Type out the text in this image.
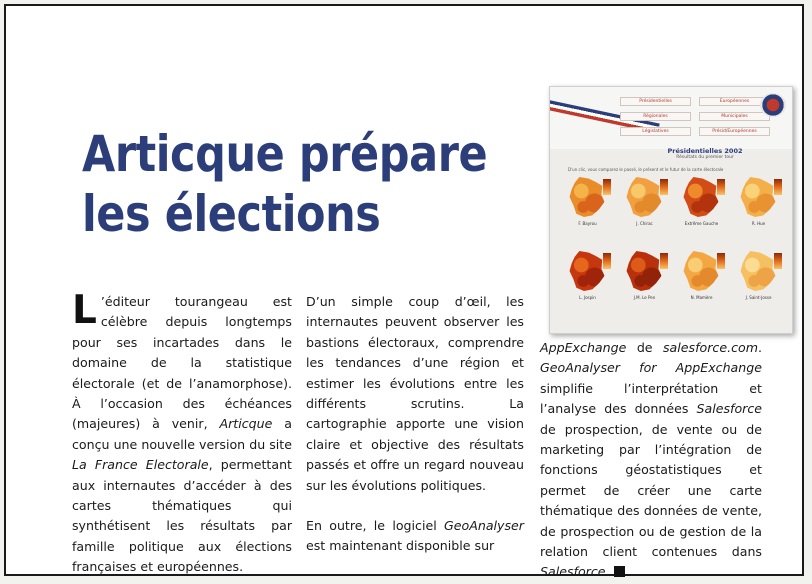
Articque prépare
les élections
Présidentielles	Européennes
Régionales	Municipales
Législatives	Présid/Européennes
Présidentielles 2002
Résultats du premier tour
D'un clic, vous comparez le passé, le présent et le futur de la carte électorale
F. Bayrou	J. Chirac	Extrême Gauche	R. Hue
L. Jospin	J.M. Le Pen	N. Mamère	J. Saint-Josse
L ’éditeur tourangeau est célèbre depuis longtemps pour ses incartades dans le domaine de la statistique électorale (et de l’anamorphose). À l’occasion des échéances (majeures) à venir, Articque a conçu une nouvelle version du site La France Electorale, permettant aux internautes d’accéder à des cartes thématiques qui synthétisent les résultats par famille politique aux élections françaises et européennes.
D’un simple coup d’œil, les internautes peuvent observer les bastions électoraux, comprendre les tendances d’une région et estimer les évolutions entre les différents scrutins. La cartographie apporte une vision claire et objective des résultats passés et offre un regard nouveau sur les évolutions politiques.
En outre, le logiciel GeoAnalyser est maintenant disponible sur
AppExchange de salesforce.com. GeoAnalyser for AppExchange simplifie l’interprétation et l’analyse des données Salesforce de prospection, de vente ou de marketing par l’intégration de fonctions géostatistiques et permet de créer une carte thématique des données de vente, de prospection ou de gestion de la relation client contenues dans Salesforce.
